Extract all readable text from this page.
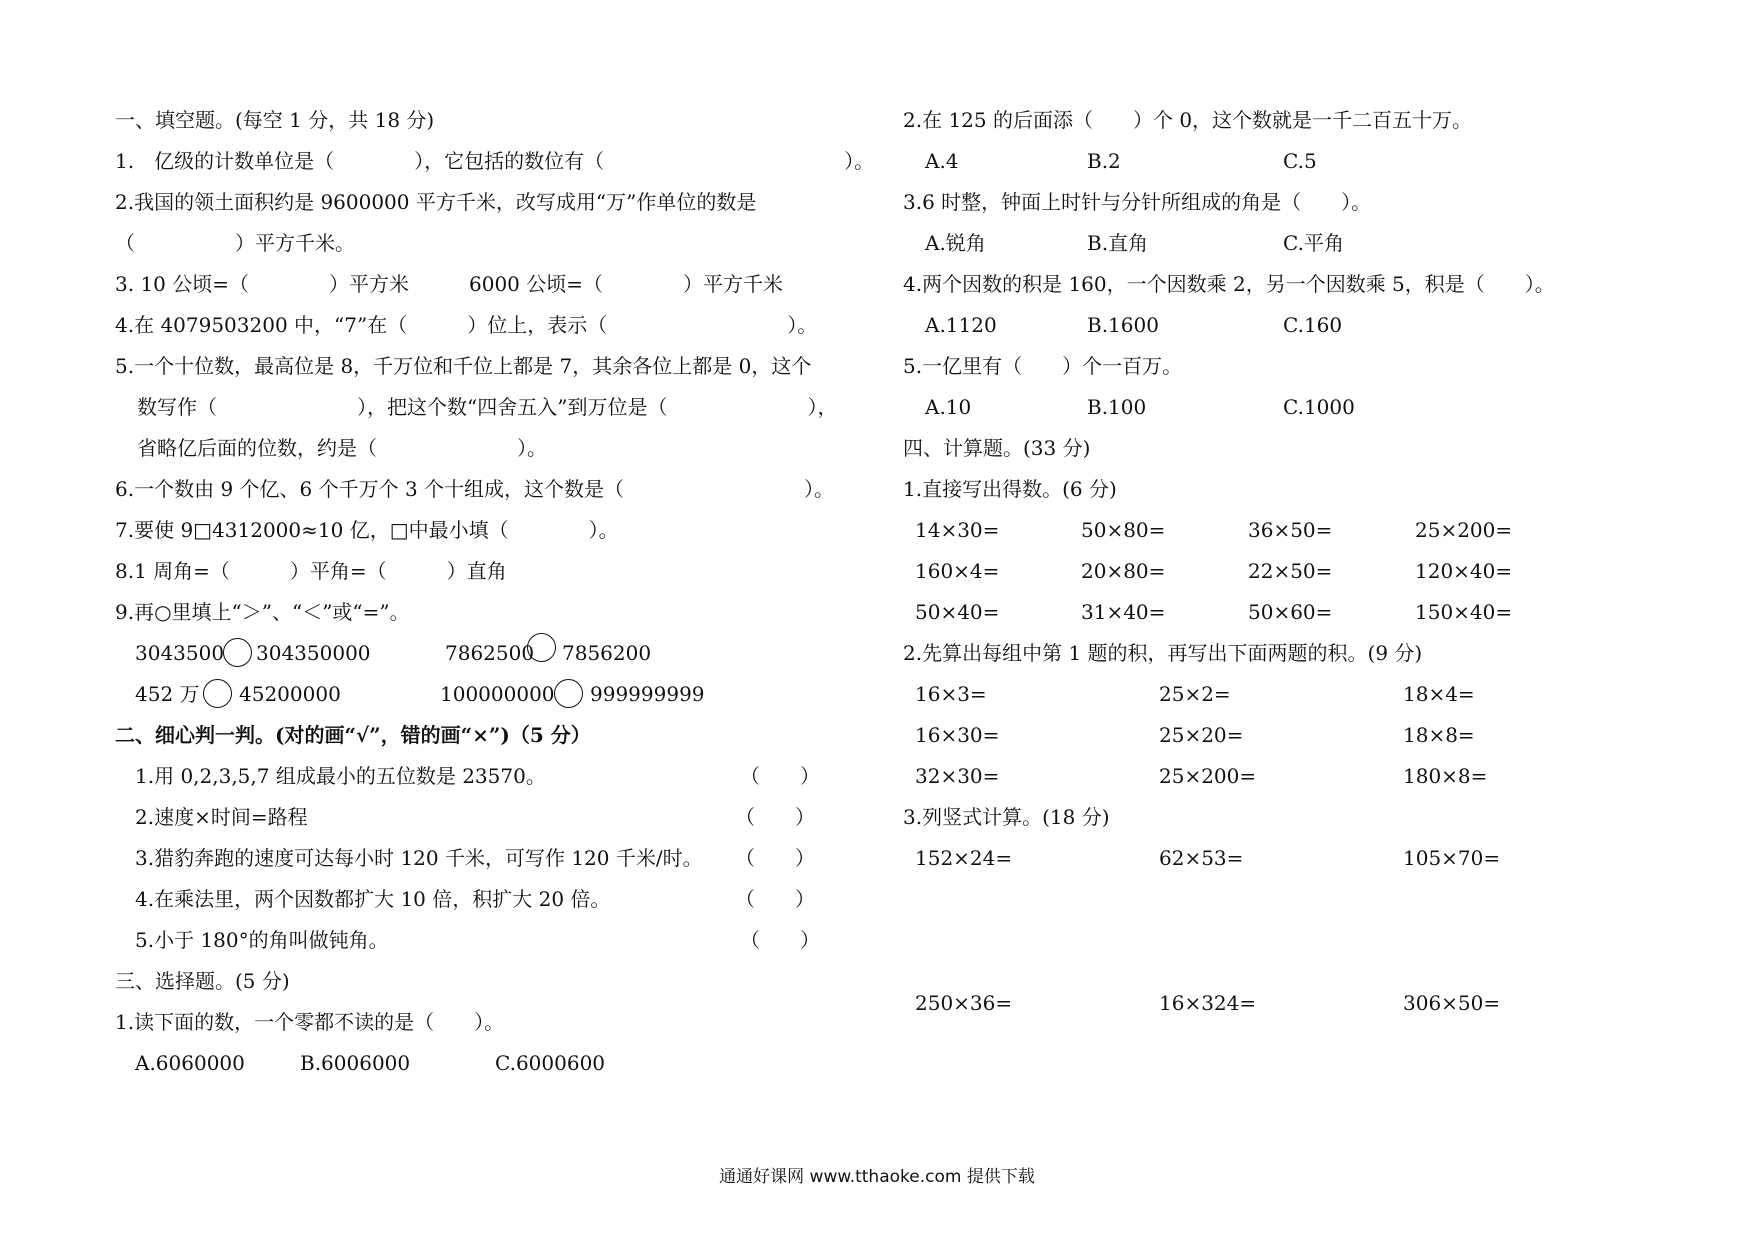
一、填空题。(每空 1 分，共 18 分)
1.　亿级的计数单位是（　　　　），它包括的数位有（　　　　　　　　　　　　）。
2.我国的领土面积约是 9600000 平方千米，改写成用“万”作单位的数是
（　　　　　）平方千米。
3. 10 公顷=（　　　　）平方米　　　6000 公顷=（　　　　）平方千米
4.在 4079503200 中，“7”在（　　　）位上，表示（　　　　　　　　　）。
5.一个十位数，最高位是 8，千万位和千位上都是 7，其余各位上都是 0，这个
数写作（　　　　　　　），把这个数“四舍五入”到万位是（　　　　　　　），
省略亿后面的位数，约是（　　　　　　　）。
6.一个数由 9 个亿、6 个千万个 3 个十组成，这个数是（　　　　　　　　　）。
7.要使 9□4312000≈10 亿，□中最小填（　　　　）。
8.1 周角=（　　　）平角=（　　　）直角
9.再○里填上“＞”、“＜”或“=”。
3043500 304350000	7862500 7856200
452 万 45200000	100000000 999999999
二、细心判一判。(对的画“√”，错的画“×”)（5 分）
1.用 0,2,3,5,7 组成最小的五位数是 23570。	（　　）
2.速度×时间=路程	（　　）
3.猎豹奔跑的速度可达每小时 120 千米，可写作 120 千米/时。 （　　）
4.在乘法里，两个因数都扩大 10 倍，积扩大 20 倍。	（　　）
5.小于 180°的角叫做钝角。	（　　）
三、选择题。(5 分)
1.读下面的数，一个零都不读的是（　　）。
A.6060000	B.6006000	C.6000600
2.在 125 的后面添（　　）个 0，这个数就是一千二百五十万。
A.4	B.2	C.5
3.6 时整，钟面上时针与分针所组成的角是（　　）。
A.锐角	B.直角	C.平角
4.两个因数的积是 160，一个因数乘 2，另一个因数乘 5，积是（　　）。
A.1120	B.1600	C.160
5.一亿里有（　　）个一百万。
A.10	B.100	C.1000
四、计算题。(33 分)
1.直接写出得数。(6 分)
14×30=	50×80=	36×50=	25×200=
160×4=	20×80=	22×50=	120×40=
50×40=	31×40=	50×60=	150×40=
2.先算出每组中第 1 题的积，再写出下面两题的积。(9 分)
16×3=	25×2=	18×4=
16×30=	25×20=	18×8=
32×30=	25×200=	180×8=
3.列竖式计算。(18 分)
152×24=	62×53=	105×70=
250×36=	16×324=	306×50=
通通好课网 www.tthaoke.com 提供下载
